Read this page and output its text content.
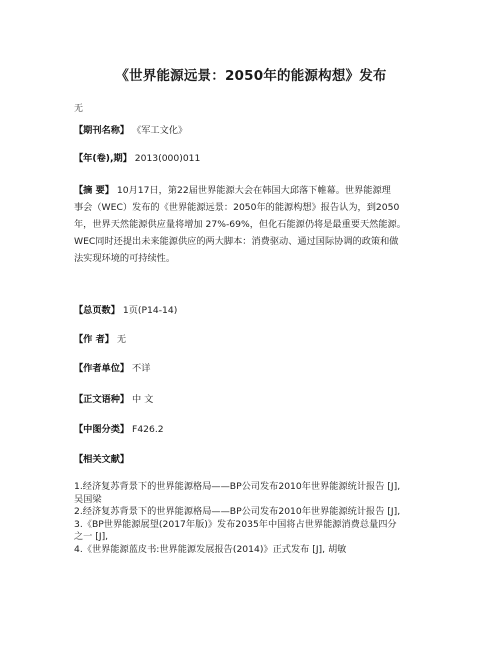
《世界能源远景：2050年的能源构想》发布
无
【期刊名称】 《军工文化》
【年(卷),期】 2013(000)011
【摘 要】 10月17日，第22届世界能源大会在韩国大邱落下帷幕。世界能源理
事会（WEC）发布的《世界能源远景：2050年的能源构想》报告认为，到2050
年，世界天然能源供应量将增加 27%-69%，但化石能源仍将是最重要天然能源。
WEC同时还提出未来能源供应的两大脚本：消费驱动、通过国际协调的政策和做
法实现环境的可持续性。
【总页数】 1页(P14-14)
【作 者】 无
【作者单位】 不详
【正文语种】 中 文
【中图分类】 F426.2
【相关文献】
1.经济复苏背景下的世界能源格局——BP公司发布2010年世界能源统计报告 [J],
吴国梁
2.经济复苏背景下的世界能源格局——BP公司发布2010年世界能源统计报告 [J],
3.《BP世界能源展望(2017年版)》发布2035年中国将占世界能源消费总量四分
之一 [J],
4.《世界能源蓝皮书:世界能源发展报告(2014)》正式发布 [J], 胡敏
